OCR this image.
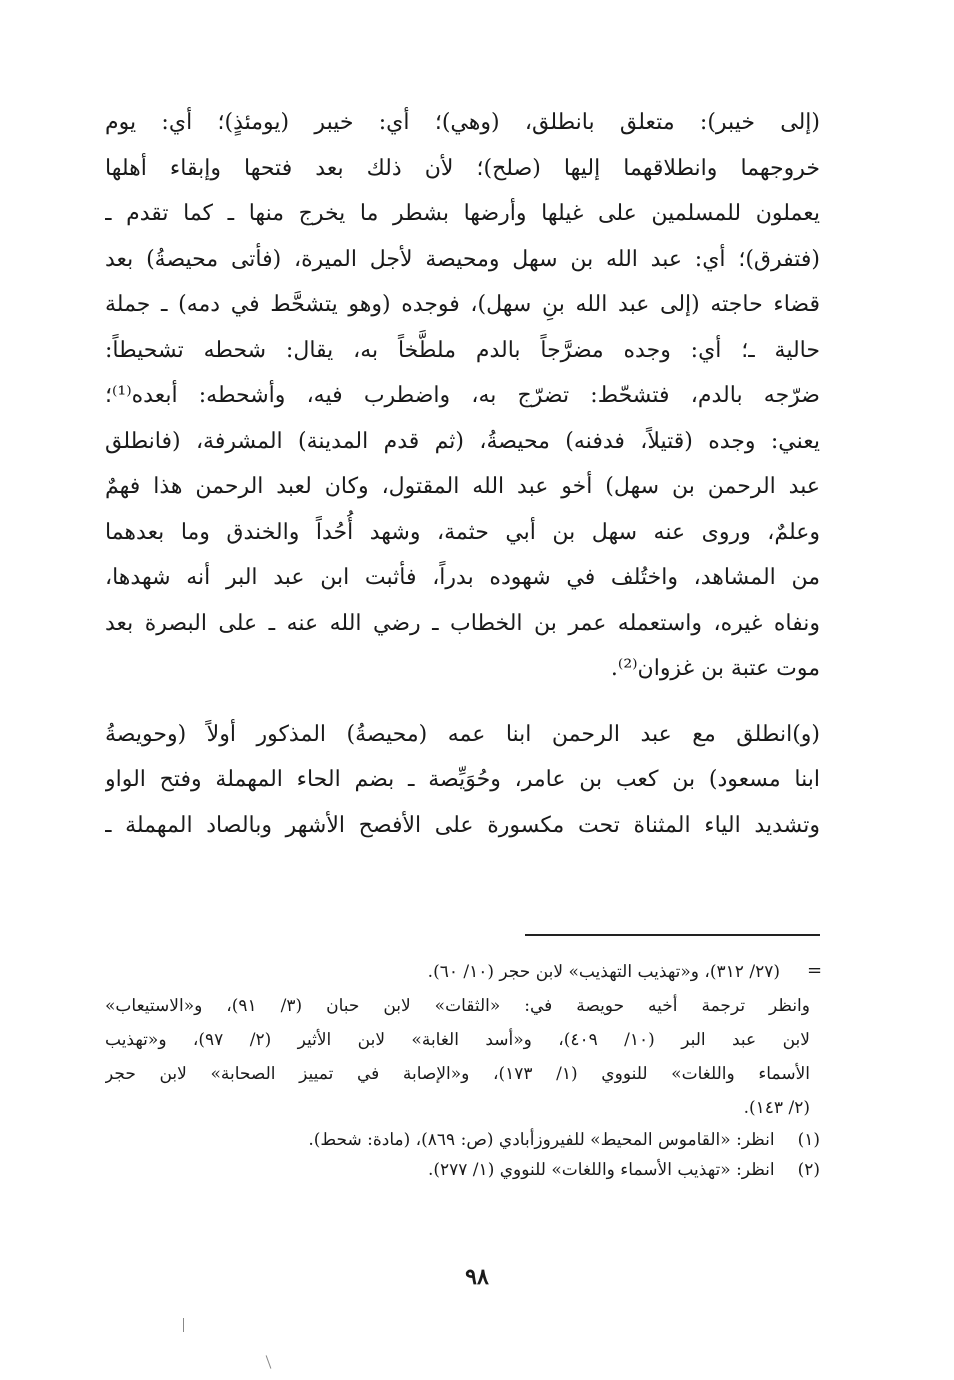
(إلى خيبر): متعلق بانطلق، (وهي)؛ أي: خيبر (يومئذٍ)؛ أي: يوم
خروجهما وانطلاقهما إليها (صلح)؛ لأن ذلك بعد فتحها وإبقاء أهلها
يعملون للمسلمين على غيلها وأرضها بشطر ما يخرج منها ـ كما تقدم ـ
(فتفرق)؛ أي: عبد الله بن سهل ومحيصة لأجل الميرة، (فأتى محيصةُ) بعد
قضاء حاجته (إلى عبد الله بنِ سهل)، فوجده (وهو يتشحَّط في دمه) ـ جملة
حالية ـ؛ أي: وجده مضرَّجاً بالدم ملطَّخاً به، يقال: شحطه تشحيطاً:
ضرّجه بالدم، فتشحّط: تضرّج به، واضطرب فيه، وأشحطه: أبعده⁽¹⁾؛
يعني: وجده (قتيلاً، فدفنه) محيصةُ، (ثم قدم المدينة) المشرفة، (فانطلق
عبد الرحمن بن سهل) أخو عبد الله المقتول، وكان لعبد الرحمن هذا فهمٌ
وعلمٌ، وروى عنه سهل بن أبي حثمة، وشهد أُحُداً والخندق وما بعدهما
من المشاهد، واختُلف في شهوده بدراً، فأثبت ابن عبد البر أنه شهدها،
ونفاه غيره، واستعمله عمر بن الخطاب ـ رضي الله عنه ـ على البصرة بعد
موت عتبة بن غزوان⁽²⁾.
(و)انطلق مع عبد الرحمن ابنا عمه (محيصةُ) المذكور أولاً (وحويصةُ
ابنا مسعود) بن كعب بن عامر، وحُوَيِّصة ـ بضم الحاء المهملة وفتح الواو
وتشديد الياء المثناة تحت مكسورة على الأفصح الأشهر وبالصاد المهملة ـ
=
(٢٧/ ٣١٢)، و«تهذيب التهذيب» لابن حجر (١٠/ ٦٠).
وانظر ترجمة أخيه حويصة في: «الثقات» لابن حبان (٣/ ٩١)، و«الاستيعاب»
لابن عبد البر (١٠/ ٤٠٩)، و«أسد الغابة» لابن الأثير (٢/ ٩٧)، و«تهذيب
الأسماء واللغات» للنووي (١/ ١٧٣)، و«الإصابة في تمييز الصحابة» لابن حجر
(٢/ ١٤٣).
(١) انظر: «القاموس المحيط» للفيروزأبادي (ص: ٨٦٩)، (مادة: شحط).
(٢) انظر: «تهذيب الأسماء واللغات» للنووي (١/ ٢٧٧).
٩٨
